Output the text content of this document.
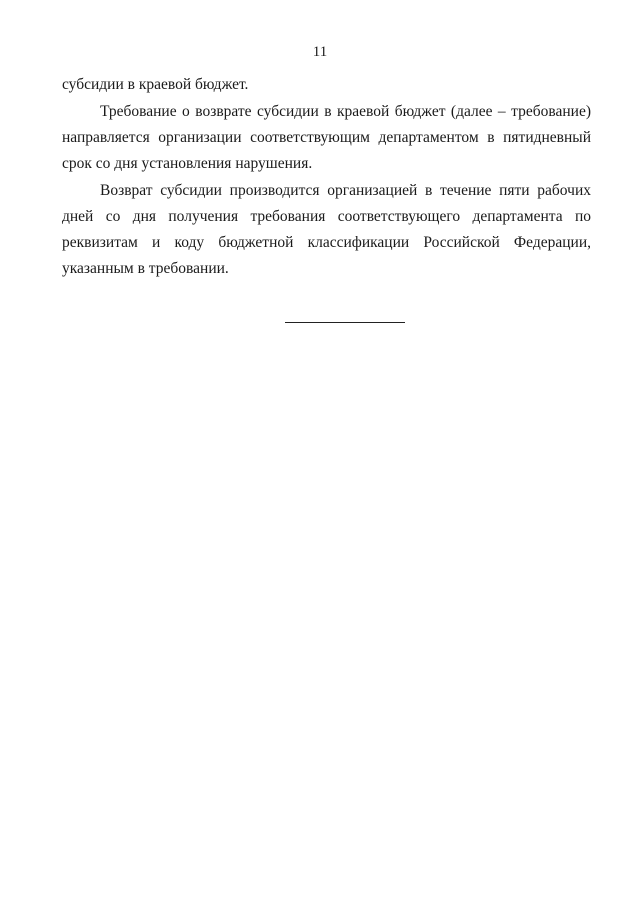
11
субсидии в краевой бюджет.
Требование о возврате субсидии в краевой бюджет (далее – требование)
направляется организации соответствующим департаментом в пятидневный
срок со дня установления нарушения.
Возврат субсидии производится организацией в течение пяти рабочих
дней со дня получения требования соответствующего департамента по
реквизитам и коду бюджетной классификации Российской Федерации,
указанным в требовании.
